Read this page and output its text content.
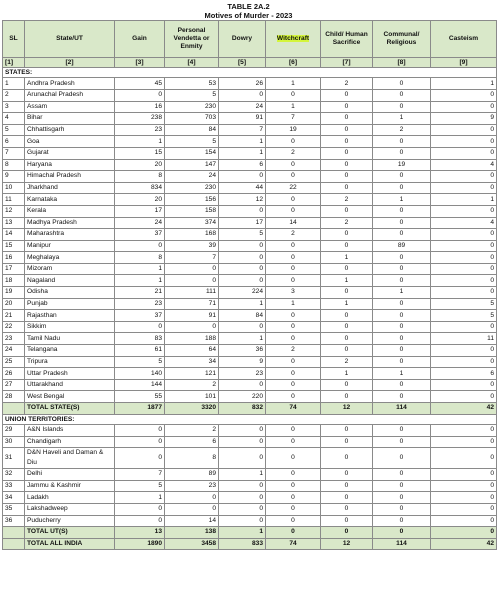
TABLE 2A.2
Motives of Murder - 2023
SL	State/UT	Gain	Personal Vendetta or Enmity	Dowry	Witchcraft	Child/ Human Sacrifice	Communal/ Religious	Casteism
[1]	[2]	[3]	[4]	[5]	[6]	[7]	[8]	[9]
STATES:								
1	Andhra Pradesh	45	53	26	1	2	0	1
2	Arunachal Pradesh	0	5	0	0	0	0	0
3	Assam	16	230	24	1	0	0	0
4	Bihar	238	703	91	7	0	1	9
5	Chhattisgarh	23	84	7	19	0	2	0
6	Goa	1	5	1	0	0	0	0
7	Gujarat	15	154	1	2	0	0	0
8	Haryana	20	147	6	0	0	19	4
9	Himachal Pradesh	8	24	0	0	0	0	0
10	Jharkhand	834	230	44	22	0	0	0
11	Karnataka	20	156	12	0	2	1	1
12	Kerala	17	158	0	0	0	0	0
13	Madhya Pradesh	24	374	17	14	2	0	4
14	Maharashtra	37	168	5	2	0	0	0
15	Manipur	0	39	0	0	0	89	0
16	Meghalaya	8	7	0	0	1	0	0
17	Mizoram	1	0	0	0	0	0	0
18	Nagaland	1	0	0	0	1	0	0
19	Odisha	21	111	224	3	0	1	0
20	Punjab	23	71	1	1	1	0	5
21	Rajasthan	37	91	84	0	0	0	5
22	Sikkim	0	0	0	0	0	0	0
23	Tamil Nadu	83	188	1	0	0	0	11
24	Telangana	61	64	36	2	0	0	0
25	Tripura	5	34	9	0	2	0	0
26	Uttar Pradesh	140	121	23	0	1	1	6
27	Uttarakhand	144	2	0	0	0	0	0
28	West Bengal	55	101	220	0	0	0	0
	TOTAL STATE(S)	1877	3320	832	74	12	114	42
UNION TERRITORIES:								
29	A&N Islands	0	2	0	0	0	0	0
30	Chandigarh	0	6	0	0	0	0	0
31	D&N Haveli and Daman & Diu	0	8	0	0	0	0	0
32	Delhi	7	89	1	0	0	0	0
33	Jammu & Kashmir	5	23	0	0	0	0	0
34	Ladakh	1	0	0	0	0	0	0
35	Lakshadweep	0	0	0	0	0	0	0
36	Puducherry	0	14	0	0	0	0	0
	TOTAL UT(S)	13	138	1	0	0	0	0
	TOTAL ALL INDIA	1890	3458	833	74	12	114	42
